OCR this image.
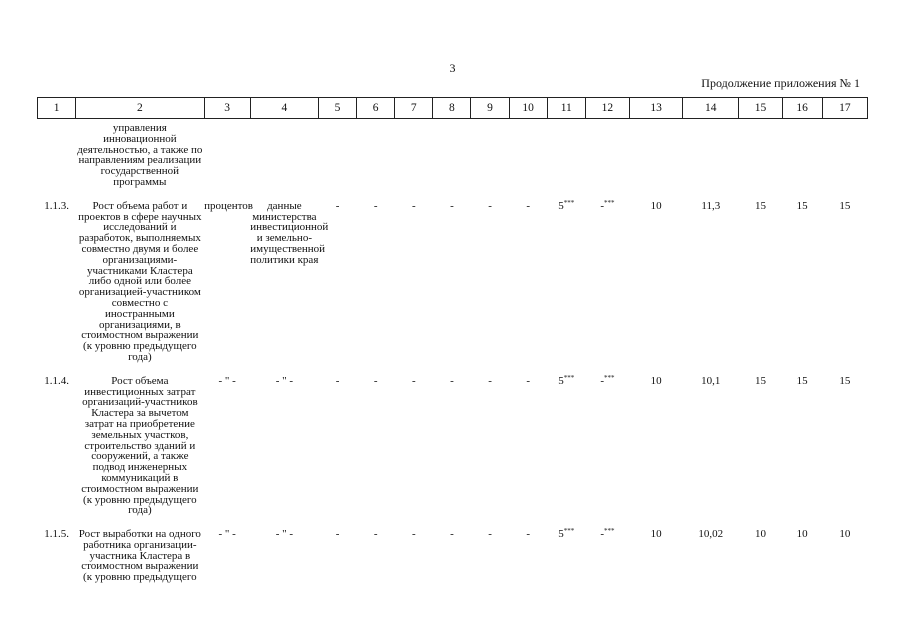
3
Продолжение приложения № 1
1	2	3	4	5	6	7	8	9	10	11	12	13	14	15	16	17
	управления инновационной деятельностью, а также по направлениям реализации государственной программы															
1.1.3.	Рост объема работ и проектов в сфере научных исследований и разработок, выполняемых совместно двумя и более организациями-участниками Кластера либо одной или более организацией-участником совместно с иностранными организациями, в стоимостном выражении (к уровню предыдущего года)	процентов	данные министерства инвестиционной и земельно-имущественной политики края	-	-	-	-	-	-	5***	-***	10	11,3	15	15	15
1.1.4.	Рост объема инвестиционных затрат организаций-участников Кластера за вычетом затрат на приобретение земельных участков, строительство зданий и сооружений, а также подвод инженерных коммуникаций в стоимостном выражении (к уровню предыдущего года)	- " -	- " -	-	-	-	-	-	-	5***	-***	10	10,1	15	15	15
1.1.5.	Рост выработки на одного работника организации-участника Кластера в стоимостном выражении (к уровню предыдущего	- " -	- " -	-	-	-	-	-	-	5***	-***	10	10,02	10	10	10
